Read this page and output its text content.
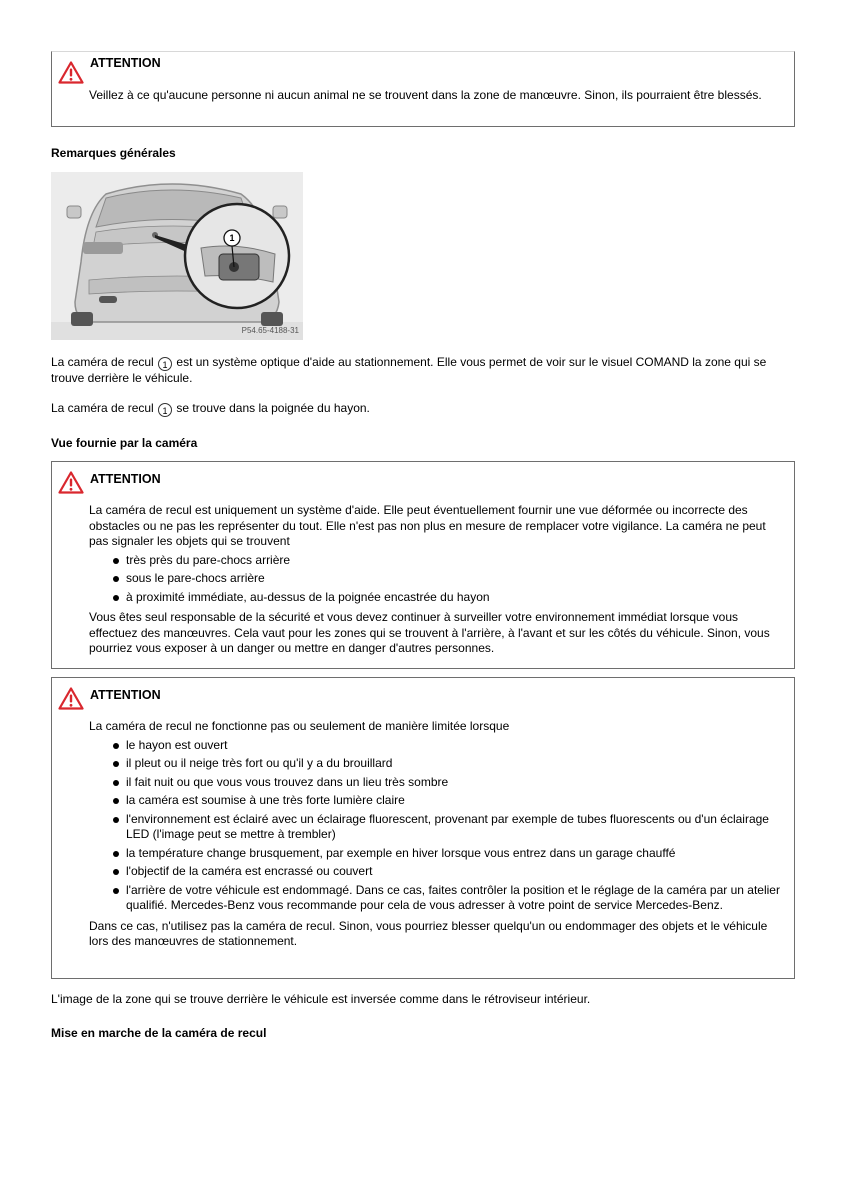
ATTENTION

Veillez à ce qu'aucune personne ni aucun animal ne se trouvent dans la zone de manœuvre. Sinon, ils pourraient être blessés.

Remarques générales
1
P54.65-4188-31
La caméra de recul 1 est un système optique d'aide au stationnement. Elle vous permet de voir sur le visuel COMAND la zone qui se trouve derrière le véhicule.
La caméra de recul 1 se trouve dans la poignée du hayon.
Vue fournie par la caméra
ATTENTION

La caméra de recul est uniquement un système d'aide. Elle peut éventuellement fournir une vue déformée ou incorrecte des obstacles ou ne pas les représenter du tout. Elle n'est pas non plus en mesure de remplacer votre vigilance. La caméra ne peut pas signaler les objets qui se trouvent

très près du pare-chocs arrière
sous le pare-chocs arrière
à proximité immédiate, au-dessus de la poignée encastrée du hayon

Vous êtes seul responsable de la sécurité et vous devez continuer à surveiller votre environnement immédiat lorsque vous effectuez des manœuvres. Cela vaut pour les zones qui se trouvent à l'arrière, à l'avant et sur les côtés du véhicule. Sinon, vous pourriez vous exposer à un danger ou mettre en danger d'autres personnes.

ATTENTION

La caméra de recul ne fonctionne pas ou seulement de manière limitée lorsque

le hayon est ouvert
il pleut ou il neige très fort ou qu'il y a du brouillard
il fait nuit ou que vous vous trouvez dans un lieu très sombre
la caméra est soumise à une très forte lumière claire
l'environnement est éclairé avec un éclairage fluorescent, provenant par exemple de tubes fluorescents ou d'un éclairage LED (l'image peut se mettre à trembler)
la température change brusquement, par exemple en hiver lorsque vous entrez dans un garage chauffé
l'objectif de la caméra est encrassé ou couvert
l'arrière de votre véhicule est endommagé. Dans ce cas, faites contrôler la position et le réglage de la caméra par un atelier qualifié. Mercedes-Benz vous recommande pour cela de vous adresser à votre point de service Mercedes-Benz.

Dans ce cas, n'utilisez pas la caméra de recul. Sinon, vous pourriez blesser quelqu'un ou endommager des objets et le véhicule lors des manœuvres de stationnement.

L'image de la zone qui se trouve derrière le véhicule est inversée comme dans le rétroviseur intérieur.
Mise en marche de la caméra de recul
